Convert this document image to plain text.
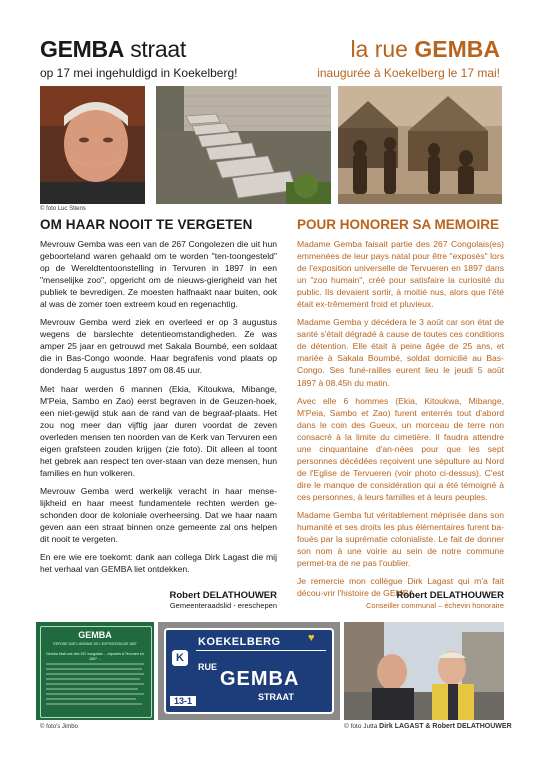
GEMBA straat
op 17 mei ingehuldigd in Koekelberg!
la rue GEMBA
inaugurée à Koekelberg le 17 mai!
© foto Luc Stiens
OM HAAR NOOIT TE VERGETEN	POUR HONORER SA MEMOIRE

Mevrouw Gemba was een van de 267 Congolezen die uit hun geboorteland waren gehaald om te worden "ten-toongesteld" op de Wereldtentoonstelling in Tervuren in 1897 in een "menselijke zoo", opgericht om de nieuws-gierigheid van het publiek te bevredigen. Ze moesten halfnaakt naar buiten, ook al was de zomer toen extreem koud en regenachtig.

Mevrouw Gemba werd ziek en overleed er op 3 augustus wegens de barslechte detentieomstandigheden. Ze was amper 25 jaar en getrouwd met Sakala Boumbé, een soldaat die in Bas-Congo woonde. Haar begrafenis vond plaats op donderdag 5 augustus 1897 om 08.45 uur.

Met haar werden 6 mannen (Ekia, Kitoukwa, Mibange, M'Peia, Sambo en Zao) eerst begraven in de Geuzen-hoek, een niet-gewijd stuk aan de rand van de begraaf-plaats. Het zou nog meer dan vijftig jaar duren voordat de zeven overleden mensen ten noorden van de Kerk van Tervuren een eigen grafsteen zouden krijgen (zie foto). Dit alleen al toont het gebrek aan respect ten over-staan van deze mensen, hun families en hun volkeren.

Mevrouw Gemba werd werkelijk veracht in haar mense-lijkheid en haar meest fundamentele rechten werden ge-schonden door de koloniale overheersing. Dat we haar naam geven aan een straat binnen onze gemeente zal ons helpen dit nooit te vergeten.

En ere wie ere toekomt: dank aan collega Dirk Lagast die mij het verhaal van GEMBA liet ontdekken.

Madame Gemba faisait partie des 267 Congolais(es) emmenées de leur pays natal pour être "exposés" lors de l'exposition universelle de Tervueren en 1897 dans un "zoo humain", créé pour satisfaire la curiosité du public. Ils devaient sortir, à moitié nus, alors que l'été était ex-trêmement froid et pluvieux.

Madame Gemba y décédera le 3 août car son état de santé s'était dégradé à cause de toutes ces conditions de détention. Elle était à peine âgée de 25 ans, et mariée à Sakala Boumbé, soldat domicilié au Bas-Congo. Ses funé-railles eurent lieu le jeudi 5 août 1897 à 08.45h du matin.

Avec elle 6 hommes (Ekia, Kitoukwa, Mibange, M'Peia, Sambo et Zao) furent enterrés tout d'abord dans le coin des Gueux, un morceau de terre non consacré à la limite du cimetière. Il faudra attendre une cinquantaine d'an-nées pour que les sept personnes décédées reçoivent une sépulture au Nord de l'Eglise de Tervueren (voir photo ci-dessus). C'est dire le manque de considération qui a été témoigné à ces personnes, à leurs familles et à leurs peuples.

Madame Gemba fut véritablement méprisée dans son humanité et ses droits les plus élémentaires furent ba-foués par la suprématie colonialiste. Le fait de donner son nom à une voirie au sein de notre commune permet-tra de ne pas l'oublier.

Je remercie mon collègue Dirk Lagast qui m'a fait décou-vrir l'histoire de GEMBA.

Robert DELATHOUWER
Gemeenteraadslid - ereschepen
Robert DELATHOUWER
Conseiller communal – échevin honoraire
GEMBA
REPOSE SUR L'AVENUE DE L'EXPOSITION DE 1897
Gemba était une des 267 congolais ... exposés à Tervuren en 1897 ...
© foto's Jimbo
K
KOEKELBERG
RUE
GEMBA
STRAAT
13-1
♥
© foto Jutta Dirk LAGAST & Robert DELATHOUWER
